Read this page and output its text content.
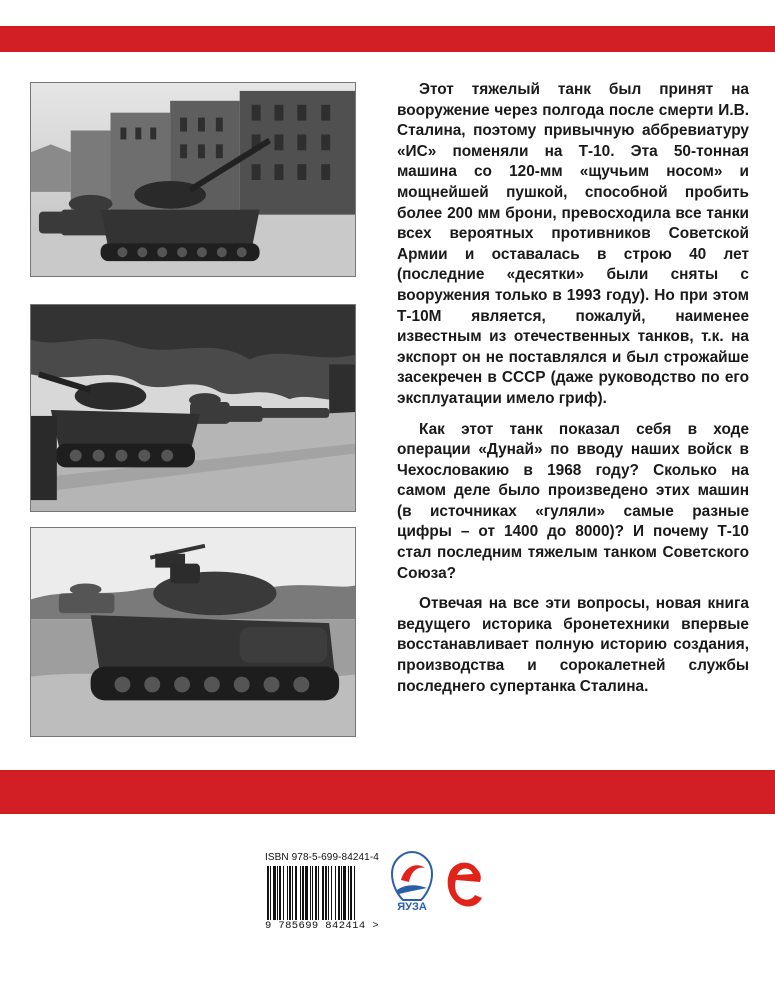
Этот тяжелый танк был принят на вооружение через полгода после смерти И.В. Сталина, поэтому привычную аббревиатуру «ИС» поменяли на Т-10. Эта 50-тонная машина со 120-мм «щучьим носом» и мощнейшей пушкой, способной пробить более 200 мм брони, превосходила все танки всех вероятных противников Советской Армии и оставалась в строю 40 лет (последние «десятки» были сняты с вооружения только в 1993 году). Но при этом Т-10М является, пожалуй, наименее известным из отечественных танков, т.к. на экспорт он не поставлялся и был строжайше засекречен в СССР (даже руководство по его эксплуатации имело гриф).

Как этот танк показал себя в ходе операции «Дунай» по вводу наших войск в Чехословакию в 1968 году? Сколько на самом деле было произведено этих машин (в источниках «гуляли» самые разные цифры – от 1400 до 8000)? И почему Т-10 стал последним тяжелым танком Советского Союза?

Отвечая на все эти вопросы, новая книга ведущего историка бронетехники впервые восстанавливает полную историю создания, производства и сорокалетней службы последнего супертанка Сталина.

ISBN 978-5-699-84241-4
9 785699 842414 >
ЯУЗА
